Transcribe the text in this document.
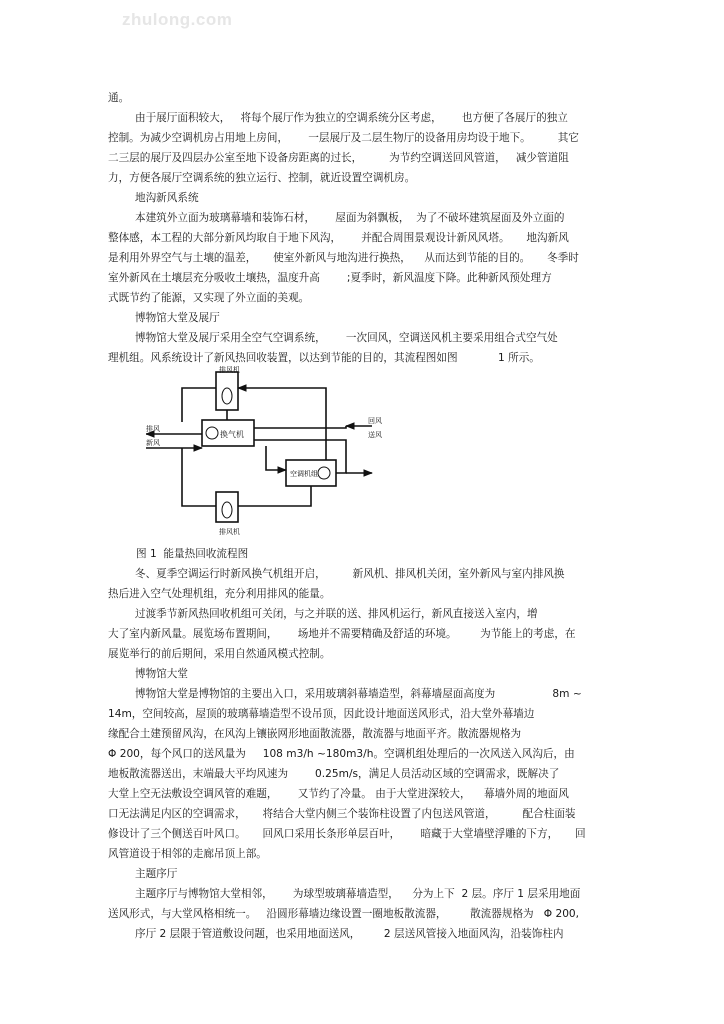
zhulong.com
通。
由于展厅面积较大，   将每个展厅作为独立的空调系统分区考虑，      也方便了各展厅的独立
控制。为减少空调机房占用地上房间，      一层展厅及二层生物厅的设备用房均设于地下。        其它
二三层的展厅及四层办公室至地下设备房距离的过长，        为节约空调送回风管道，   减少管道阻
力，方便各展厅空调系统的独立运行、控制，就近设置空调机房。
地沟新风系统
本建筑外立面为玻璃幕墙和装饰石材，      屋面为斜飘板，  为了不破坏建筑屋面及外立面的
整体感，本工程的大部分新风均取自于地下风沟，      并配合周围景观设计新风风塔。     地沟新风
是利用外界空气与土壤的温差，     使室外新风与地沟进行换热，    从而达到节能的目的。     冬季时
室外新风在土壤层充分吸收土壤热，温度升高        ;夏季时，新风温度下降。此种新风预处理方
式既节约了能源，又实现了外立面的美观。
博物馆大堂及展厅
博物馆大堂及展厅采用全空气空调系统，      一次回风，空调送风机主要采用组合式空气处
理机组。风系统设计了新风热回收装置，以达到节能的目的，其流程图如图            1 所示。
排风机
换气机
空调机组
排风机
排风
新风
回风
送风
图 1  能量热回收流程图
冬、夏季空调运行时新风换气机组开启，        新风机、排风机关闭，室外新风与室内排风换
热后进入空气处理机组，充分利用排风的能量。
过渡季节新风热回收机组可关闭，与之并联的送、排风机运行，新风直接送入室内，增
大了室内新风量。展览场布置期间，      场地并不需要精确及舒适的环境。       为节能上的考虑，在
展览举行的前后期间，采用自然通风模式控制。
博物馆大堂
博物馆大堂是博物馆的主要出入口，采用玻璃斜幕墙造型，斜幕墙屋面高度为                 8m ~
14m，空间较高，屋顶的玻璃幕墙造型不设吊顶，因此设计地面送风形式，沿大堂外幕墙边
缘配合土建预留风沟，在风沟上镶嵌网形地面散流器，散流器与地面平齐。散流器规格为
Φ 200，每个风口的送风量为     108 m3/h ~180m3/h。空调机组处理后的一次风送入风沟后，由
地板散流器送出，末端最大平均风速为        0.25m/s，满足人员活动区域的空调需求，既解决了
大堂上空无法敷设空调风管的难题，      又节约了冷量。 由于大堂进深较大，    幕墙外周的地面风
口无法满足内区的空调需求，     将结合大堂内侧三个装饰柱设置了内包送风管道，        配合柱面装
修设计了三个侧送百叶风口。     回风口采用长条形单层百叶，      暗藏于大堂墙壁浮雕的下方，     回
风管道设于相邻的走廊吊顶上部。
主题序厅
主题序厅与博物馆大堂相邻，      为球型玻璃幕墙造型，    分为上下  2 层。序厅 1 层采用地面
送风形式，与大堂风格相统一。   沿圆形幕墙边缘设置一圈地板散流器，       散流器规格为   Φ 200,
序厅 2 层限于管道敷设问题，也采用地面送风，       2 层送风管接入地面风沟，沿装饰柱内
